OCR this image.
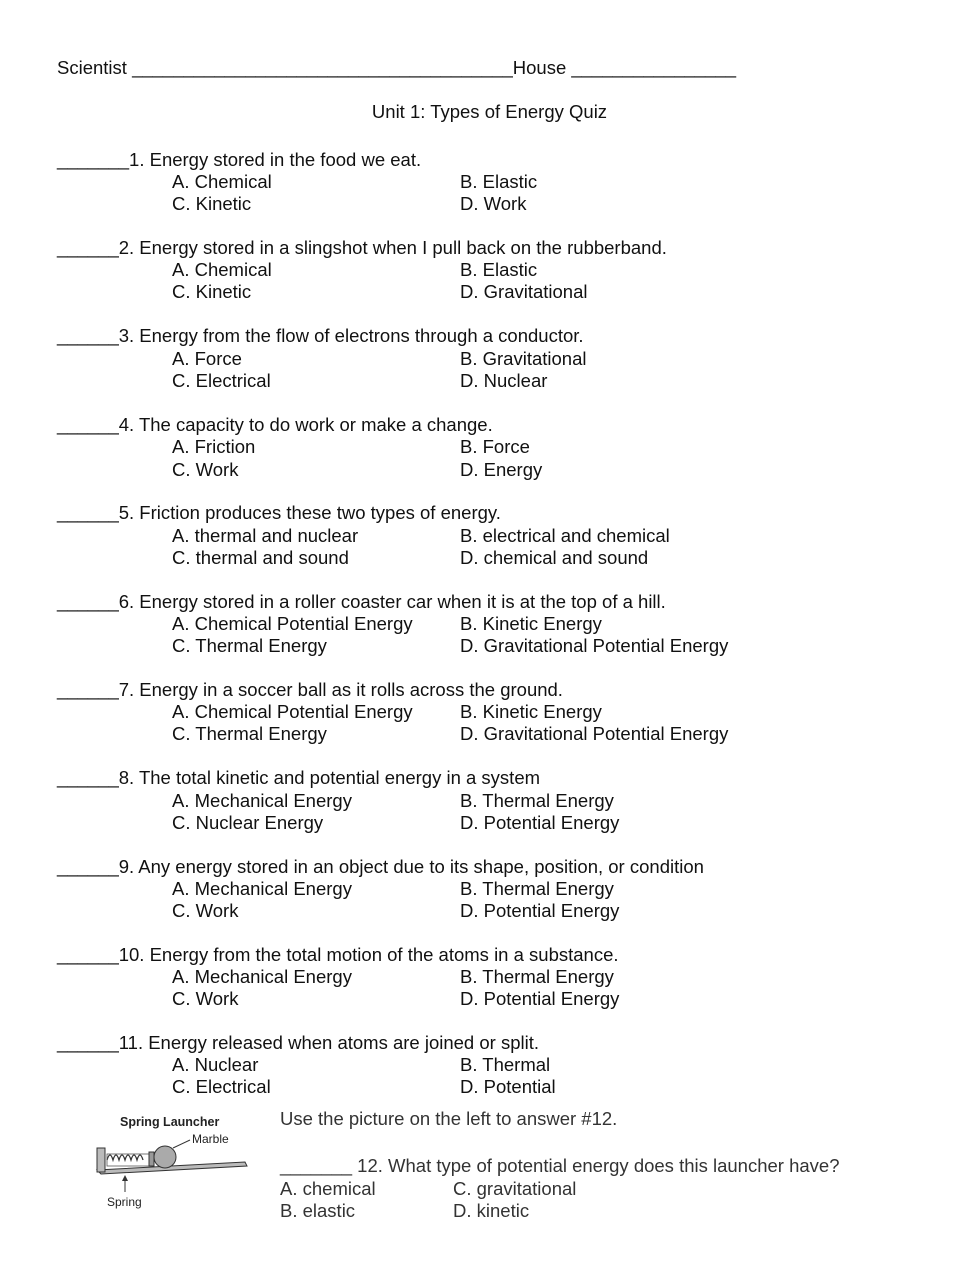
Scientist _____________________________________House ________________
Unit 1: Types of Energy Quiz
_______1. Energy stored in the food we eat.
A. Chemical	B. Elastic
C. Kinetic	D. Work
______2. Energy stored in a slingshot when I pull back on the rubberband.
A. Chemical	B. Elastic
C. Kinetic	D. Gravitational
______3. Energy from the flow of electrons through a conductor.
A. Force	B. Gravitational
C. Electrical	D. Nuclear
______4. The capacity to do work or make a change.
A. Friction	B. Force
C. Work	D. Energy
______5. Friction produces these two types of energy.
A. thermal and nuclear	B. electrical and chemical
C. thermal and sound	D. chemical and sound
______6. Energy stored in a roller coaster car when it is at the top of a hill.
A. Chemical Potential Energy	B. Kinetic Energy
C. Thermal Energy	D. Gravitational Potential Energy
______7. Energy in a soccer ball as it rolls across the ground.
A. Chemical Potential Energy	B. Kinetic Energy
C. Thermal Energy	D. Gravitational Potential Energy
______8. The total kinetic and potential energy in a system
A. Mechanical Energy	B. Thermal Energy
C. Nuclear Energy	D. Potential Energy
______9. Any energy stored in an object due to its shape, position, or condition
A. Mechanical Energy	B. Thermal Energy
C. Work	D. Potential Energy
______10. Energy from the total motion of the atoms in a substance.
A. Mechanical Energy	B. Thermal Energy
C. Work	D. Potential Energy
______11. Energy released when atoms are joined or split.
A. Nuclear	B. Thermal
C. Electrical	D. Potential
Spring Launcher
Marble
Spring
Use the picture on the left to answer #12.
_______ 12. What type of potential energy does this launcher have?
A. chemical	C. gravitational
B. elastic	D. kinetic
